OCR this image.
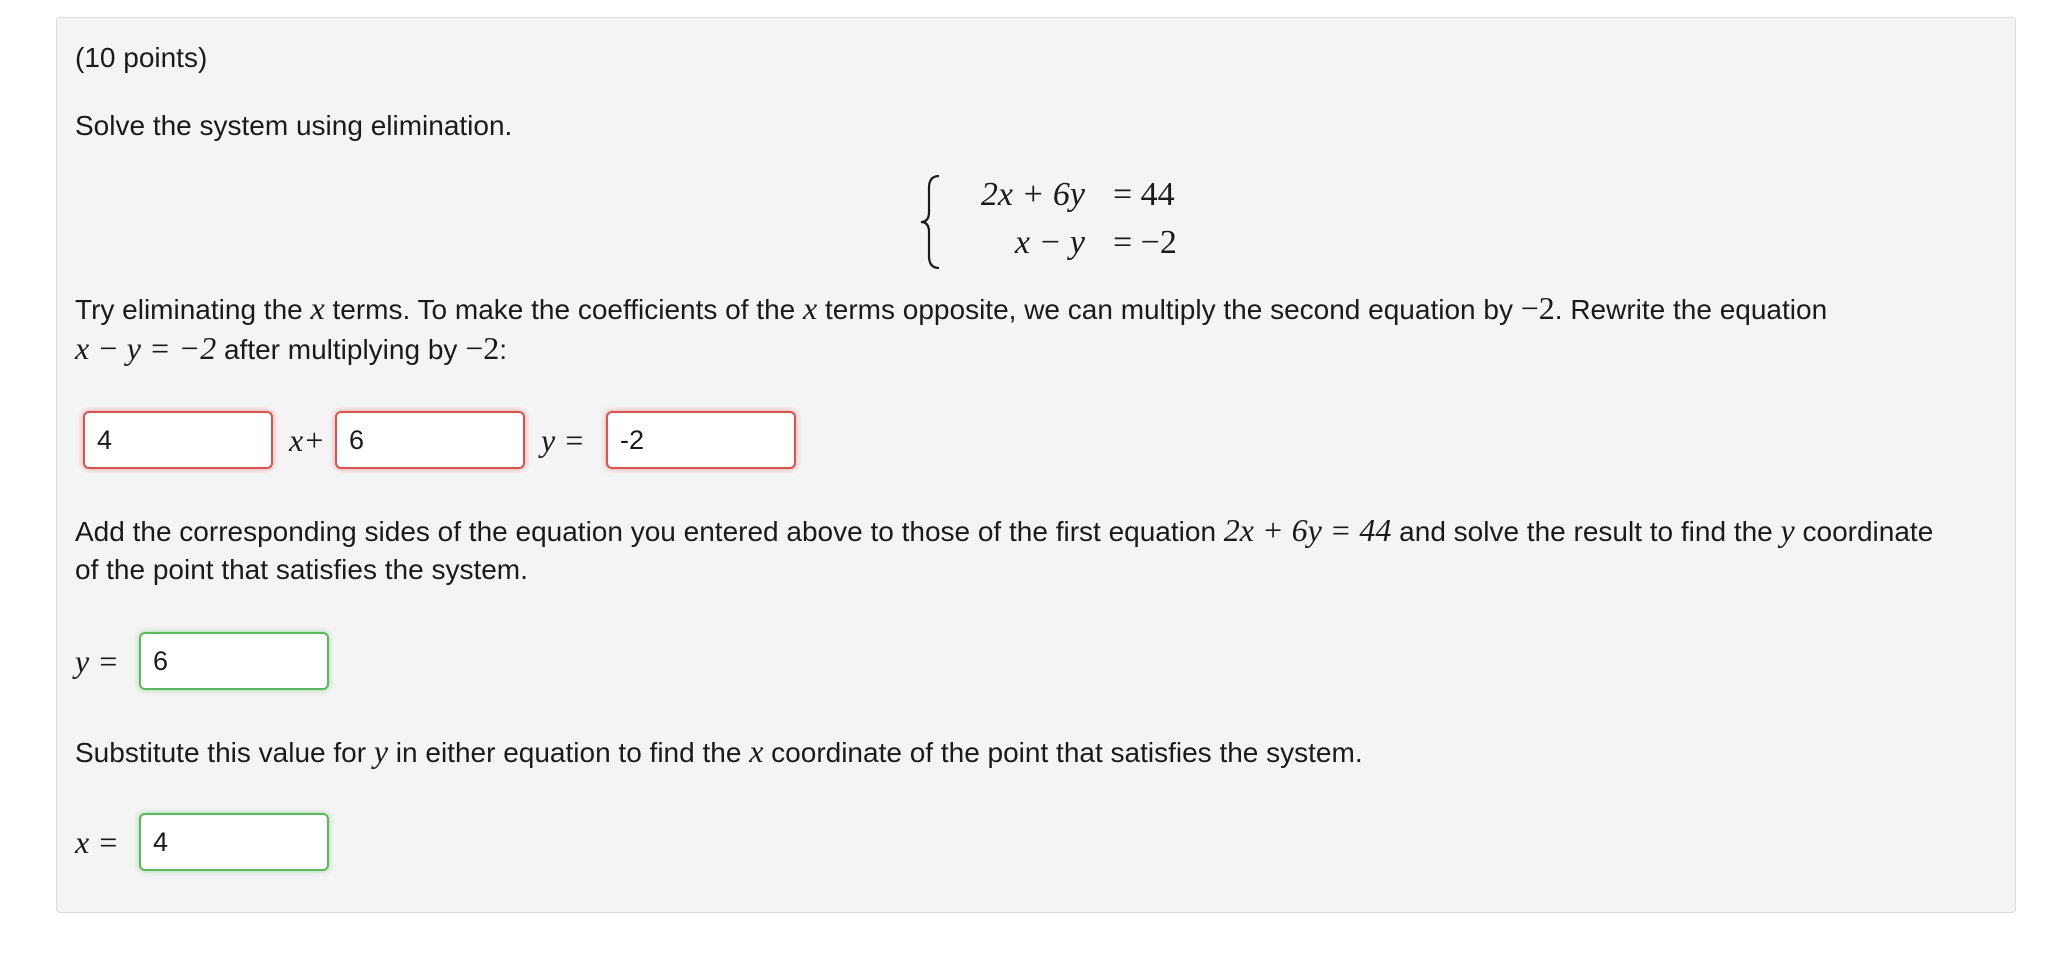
(10 points)
Solve the system using elimination.
2x + 6y = 44
x − y = −2
Try eliminating the x terms. To make the coefficients of the x terms opposite, we can multiply the second equation by −2. Rewrite the equation
x − y = −2 after multiplying by −2:
4
x+
6	y =
-2
Add the corresponding sides of the equation you entered above to those of the first equation 2x + 6y = 44 and solve the result to find the y coordinate
of the point that satisfies the system.
y =
6
Substitute this value for y in either equation to find the x coordinate of the point that satisfies the system.
x =
4
